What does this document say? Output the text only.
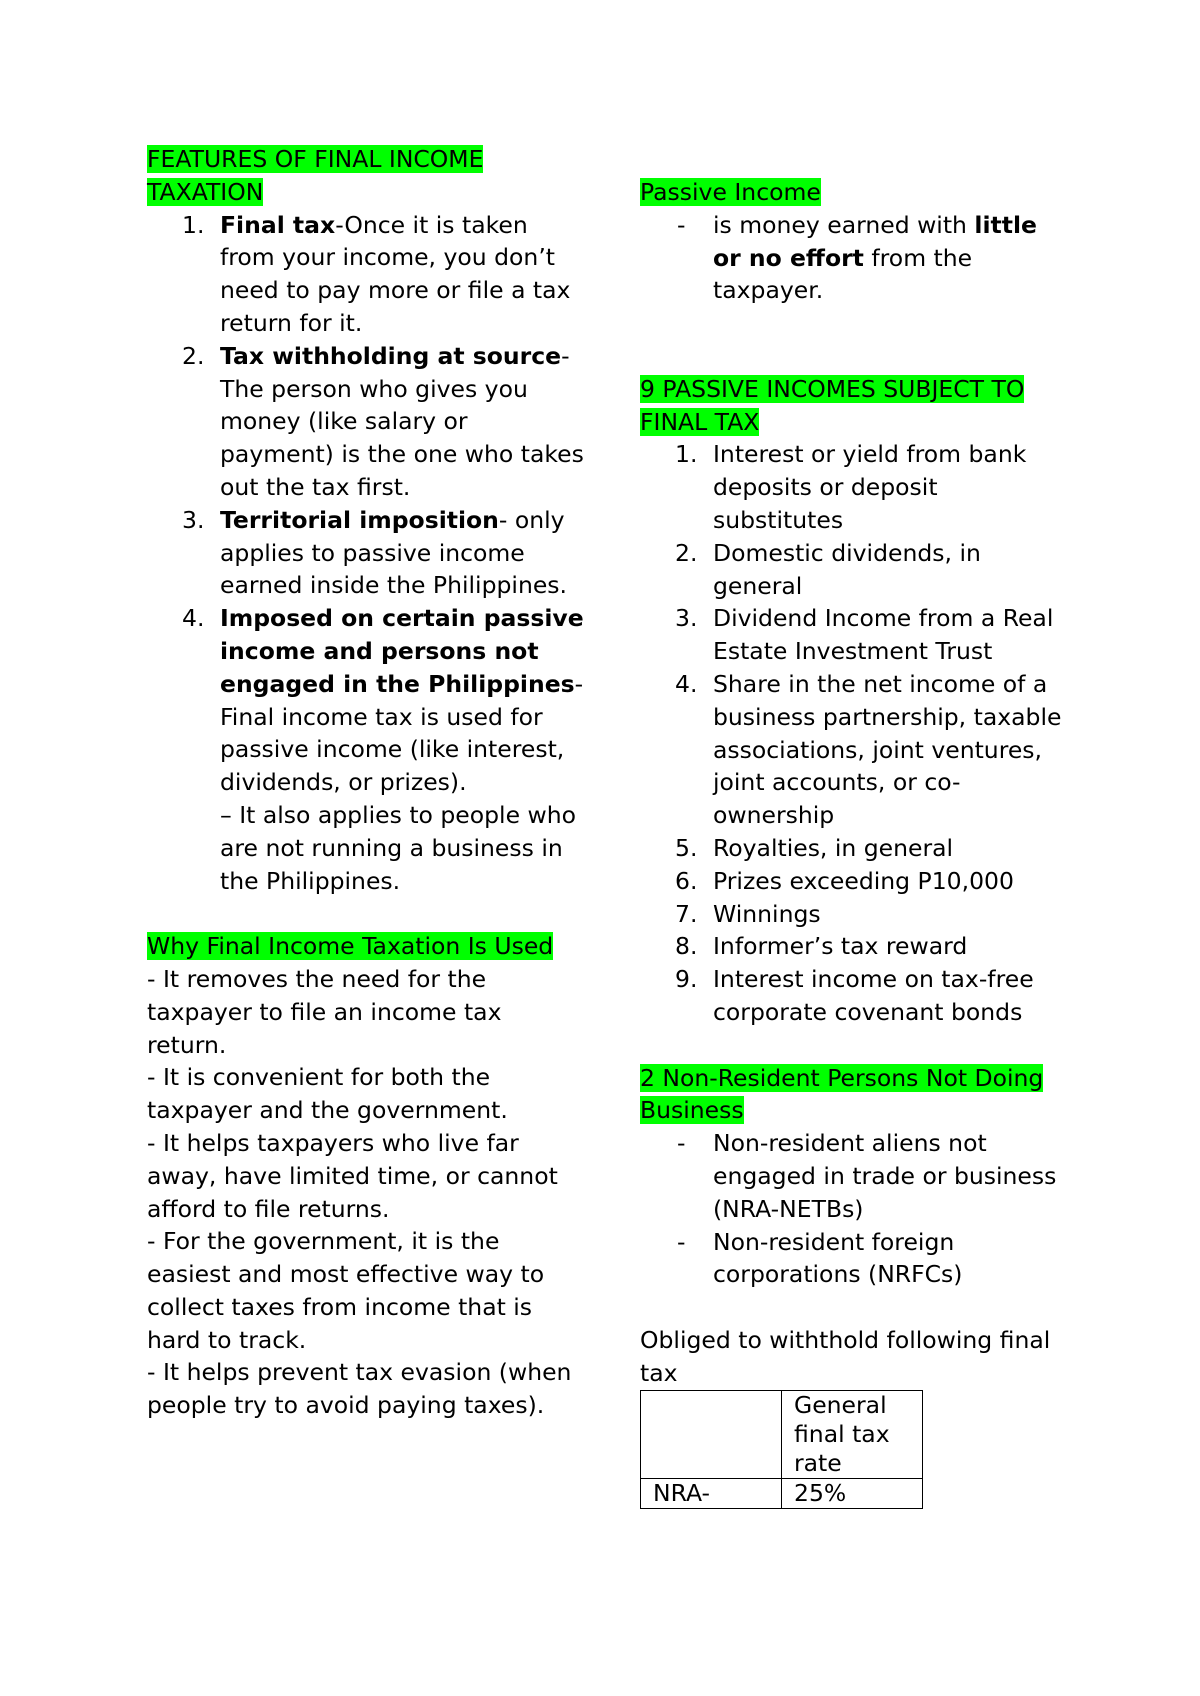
FEATURES OF FINAL INCOME
TAXATION

1. Final tax-Once it is taken from your income, you don’t need to pay more or file a tax return for it.
2. Tax withholding at source-The person who gives you money (like salary or payment) is the one who takes out the tax first.
3. Territorial imposition- only applies to passive income earned inside the Philippines.
4. Imposed on certain passive income and persons not engaged in the Philippines- Final income tax is used for passive income (like interest, dividends, or prizes).
– It also applies to people who are not running a business in the Philippines.

Why Final Income Taxation Is Used

- It removes the need for the taxpayer to file an income tax return.

- It is convenient for both the taxpayer and the government.

- It helps taxpayers who live far away, have limited time, or cannot afford to file returns.

- For the government, it is the easiest and most effective way to collect taxes from income that is hard to track.

- It helps prevent tax evasion (when people try to avoid paying taxes).

Passive Income

- is money earned with little or no effort from the taxpayer.

9 PASSIVE INCOMES SUBJECT TO
FINAL TAX

1. Interest or yield from bank deposits or deposit substitutes
2. Domestic dividends, in general
3. Dividend Income from a Real Estate Investment Trust
4. Share in the net income of a business partnership, taxable associations, joint ventures, joint accounts, or co-ownership
5. Royalties, in general
6. Prizes exceeding P10,000
7. Winnings
8. Informer’s tax reward
9. Interest income on tax-free corporate covenant bonds

2 Non-Resident Persons Not Doing
Business

- Non-resident aliens not engaged in trade or business (NRA-NETBs)
- Non-resident foreign corporations (NRFCs)

Obliged to withthold following final tax

	General final tax rate
NRA-	25%
